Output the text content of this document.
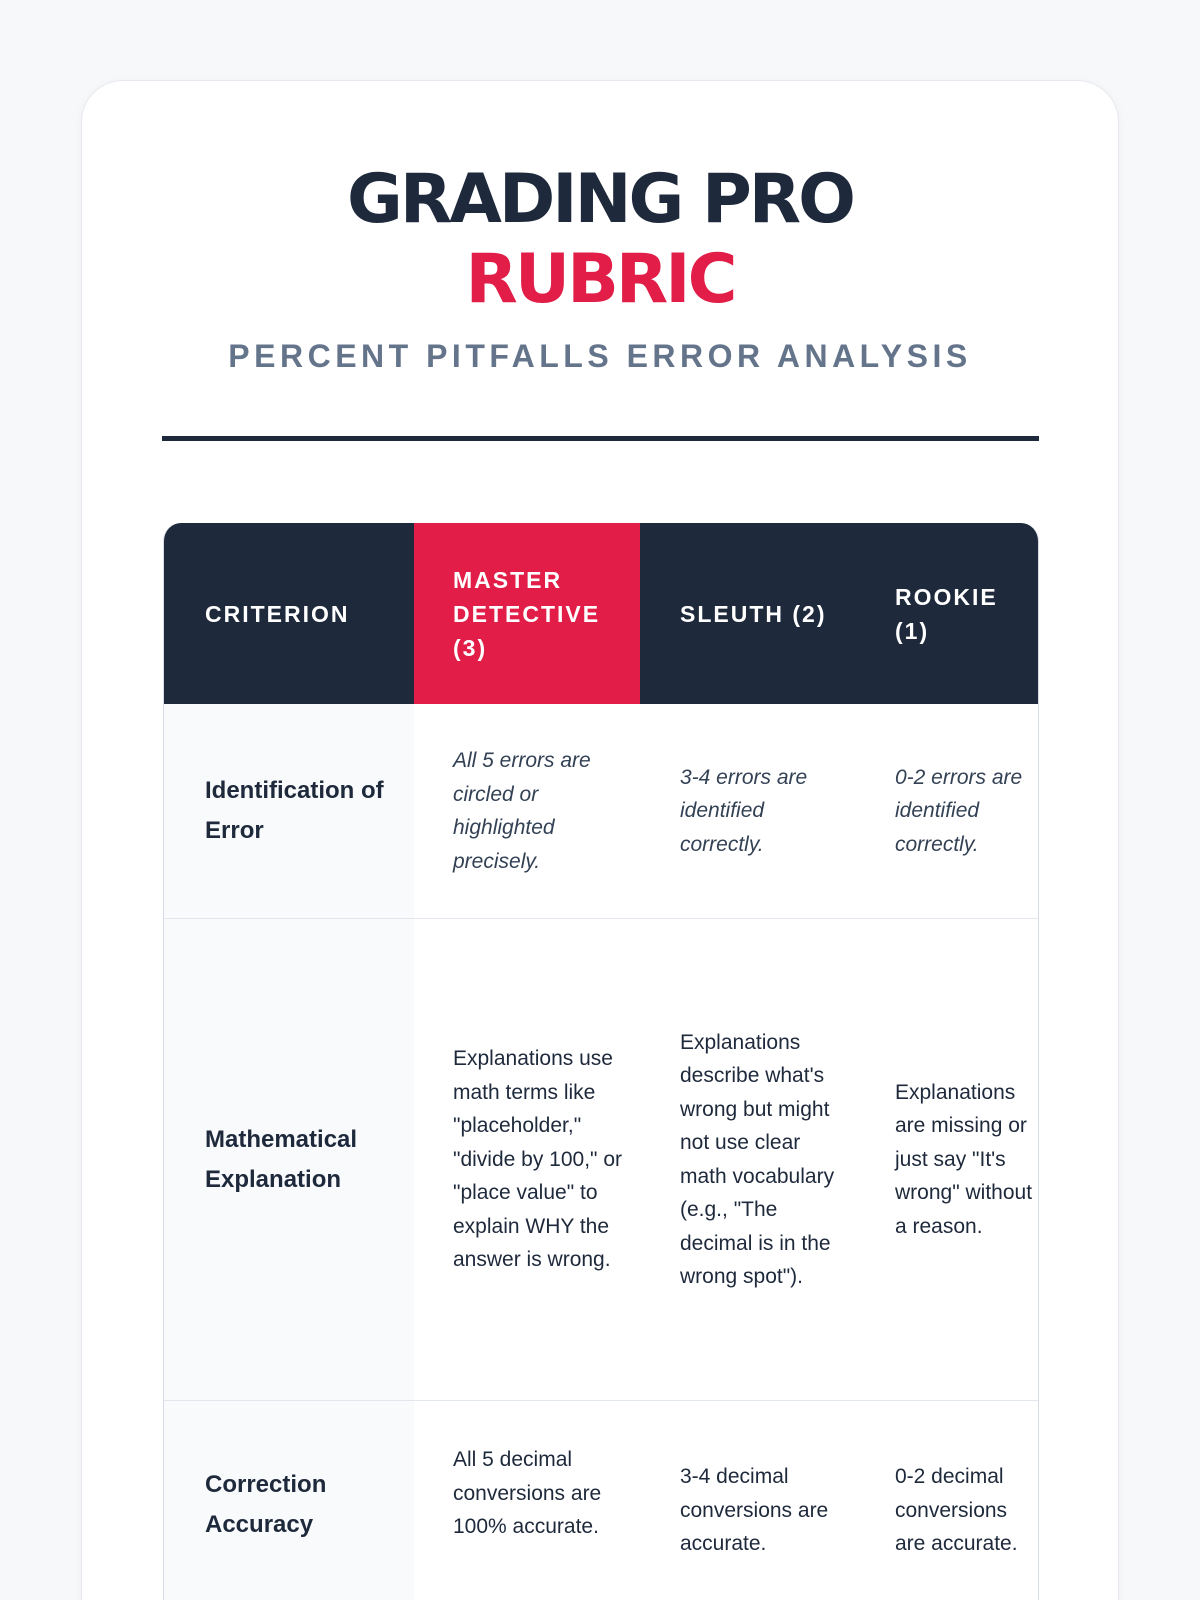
GRADING PRO
RUBRIC
PERCENT PITFALLS ERROR ANALYSIS
CRITERION
MASTER DETECTIVE (3)
SLEUTH (2)
ROOKIE (1)
Identification of Error
All 5 errors are circled or highlighted precisely.
3-4 errors are identified correctly.
0-2 errors are identified correctly.
Mathematical Explanation
Explanations use math terms like "placeholder," "divide by 100," or "place value" to explain WHY the answer is wrong.
Explanations describe what's wrong but might not use clear math vocabulary (e.g., "The decimal is in the wrong spot").
Explanations are missing or just say "It's wrong" without a reason.
Correction Accuracy
All 5 decimal conversions are 100% accurate.
3-4 decimal conversions are accurate.
0-2 decimal conversions are accurate.
